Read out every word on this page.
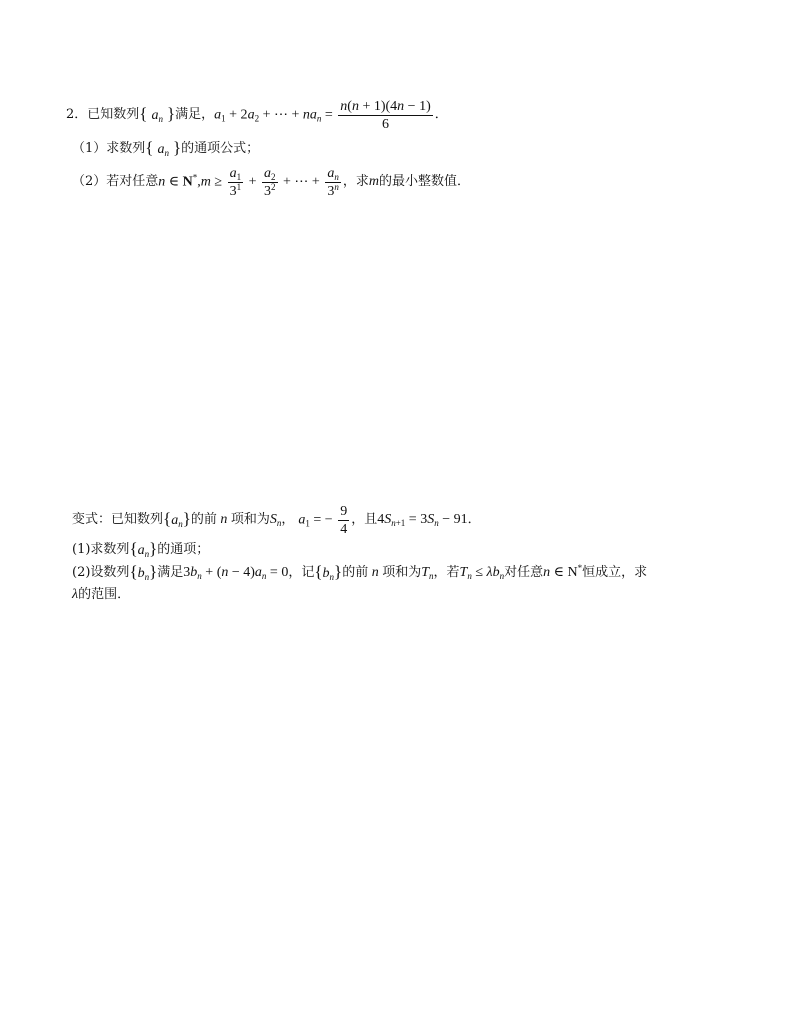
2． 已知数列 { $a_n$ } 满足， $a_1 + 2a_2$ + ⋯ + $na_n = \frac{n(n + 1)(4n - 1)}{6}$ ．
（1） 求数列 { $a_n$ } 的通项公式；
（2） 若对任意 n ∈ $N^*,m \ge \frac{a_1}{3^1} + \frac{a_2}{3^2}$ + ⋯ + $\frac{a_n}{3^n}$ ，求 m 的最小整数值．
变式：已知数列 $\{a_n\}$ 的前 n 项和为 $S_n$ ， $a_1$ = − $\frac{9}{4}$ ，且 $4S_{n+1} = 3S_n - 91$ ．
(1) 求数列 $\{a_n\}$ 的通项；
(2) 设数列 $\{b_n\}$ 满足 $3b_n + (n - 4)a_n = 0$ ，记 $\{b_n\}$ 的前 n 项和为 $T_n$ ，若 $T_n \le \lambda b_n$ 对任意 n ∈ N* 恒成立，求
λ 的范围．
